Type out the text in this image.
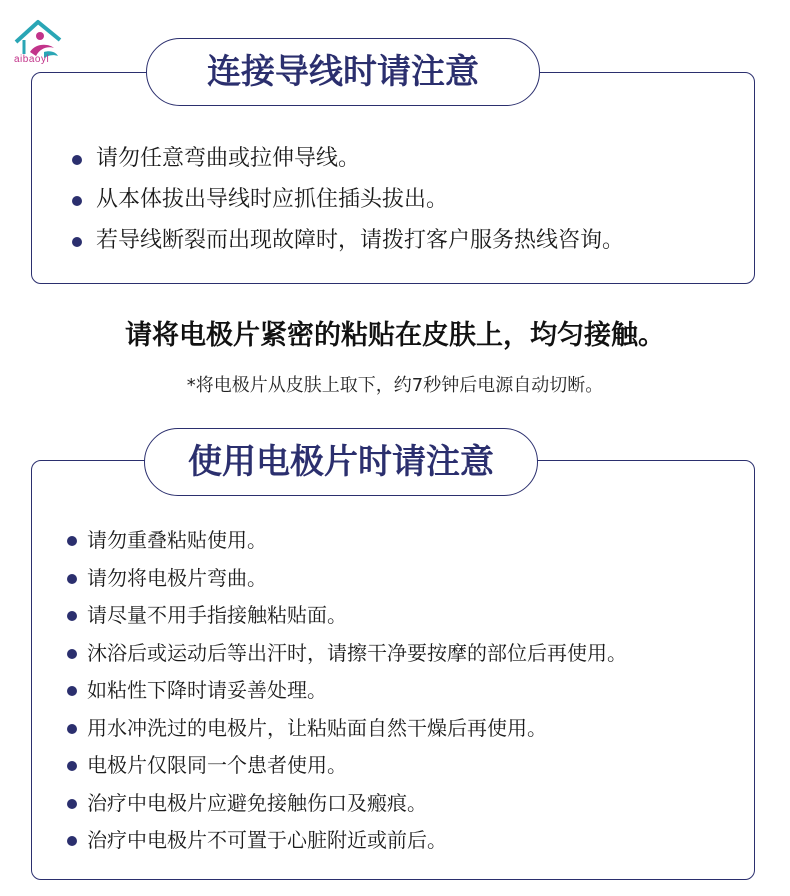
aibaoyl	连接导线时请注意
请勿任意弯曲或拉伸导线。
从本体拔出导线时应抓住插头拔出。
若导线断裂而出现故障时，请拨打客户服务热线咨询。
请将电极片紧密的粘贴在皮肤上，均匀接触。
*将电极片从皮肤上取下，约7秒钟后电源自动切断。
使用电极片时请注意
请勿重叠粘贴使用。
请勿将电极片弯曲。
请尽量不用手指接触粘贴面。
沐浴后或运动后等出汗时，请擦干净要按摩的部位后再使用。
如粘性下降时请妥善处理。
用水冲洗过的电极片，让粘贴面自然干燥后再使用。
电极片仅限同一个患者使用。
治疗中电极片应避免接触伤口及瘢痕。
治疗中电极片不可置于心脏附近或前后。
